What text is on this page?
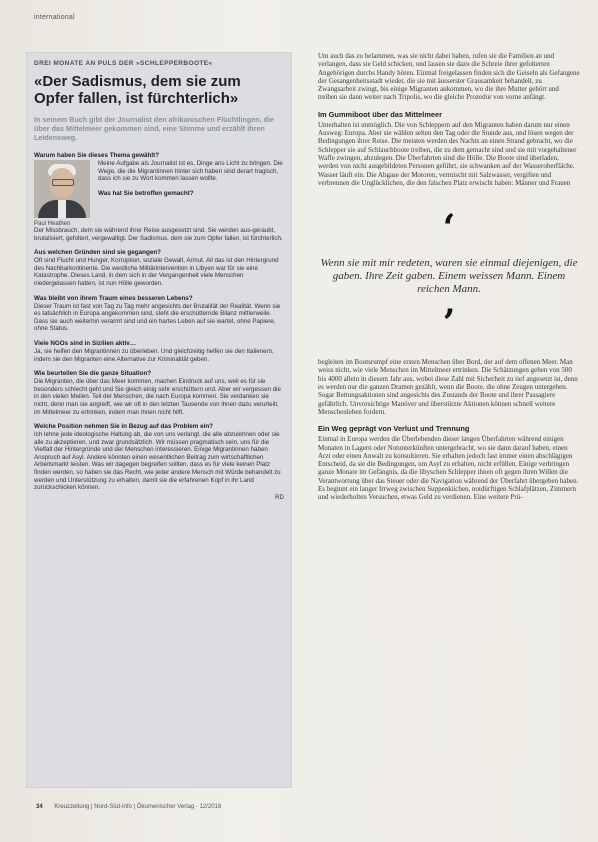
international
DREI MONATE AN PULS DER »SCHLEPPERBOOTE«
«Der Sadismus, dem sie zum Opfer fallen, ist fürchterlich»
In seinem Buch gibt der Journalist den afrikanischen Flüchtlingen, die über das Mittelmeer gekommen sind, eine Stimme und erzählt ihren Leidensweg.
Warum haben Sie dieses Thema gewählt?
Paul Heathen
Meine Aufgabe als Journalist ist es, Dinge ans Licht zu bringen. Die Wege, die die Migrantinnen hinter sich haben sind derart tragisch, dass ich sie zu Wort kommen lassen wollte.
Was hat Sie betroffen gemacht?
Der Missbrauch, dem sie während ihrer Reise ausgesetzt sind. Sie werden aus-geraubt, brutalisiert, gefoltert, vergewaltigt. Der Sadismus, dem sie zum Opfer fallen, ist fürchterlich.
Aus welchen Gründen sind sie gegangen?
Oft sind Flucht und Hunger, Korruption, soziale Gewalt, Armut. All das ist den Hintergrund des Nachbarkontinente. Die westliche Militärintervention in Libyen war für sie eine Katastrophe. Dieses Land, in dem sich in der Vergangenheit viele Menschen niedergelassen hatten, ist nun Hölle geworden.
Was bleibt von ihrem Traum eines besseren Lebens?
Dieser Traum ist fast von Tag zu Tag mehr angesichts der Brutalität der Realität. Wenn sie es tatsächlich in Europa angekommen sind, steht die erschütternde Bilanz mittlerweile. Dass sie auch weiterhin verarmt sind und ein hartes Leben auf sie wartet, ohne Papiere, ohne Status.
Viele NGOs sind in Sizilien aktiv…
Ja, sie helfen den Migrantinnen zu überleben. Und gleichzeitig helfen sie den Italienern, indem sie den Migranten eine Alternative zur Kriminalität geben.
Wie beurteilen Sie die ganze Situation?
Die Migranten, die über das Meer kommen, machen Eindruck auf uns, weil es für sie besonders schlecht geht und Sie gleich einig sehr erschüttern und. Aber wir vergessen die in den vielen Meilen. Teil der Menschen, die nach Europa kommen. Sie verdanken sie nicht, denn man sie angreift, wie wir oft in den letzten Tausende von ihnen dazu verurteilt, im Mittelmeer zu ertrinken, indem man ihnen nicht hilft.
Welche Position nehmen Sie in Bezug auf das Problem ein?
Ich lehne jede ideologische Haltung ab, die von uns verlangt, die alle abzulehnen oder sie alle zu akzeptieren, und zwar grundsätzlich. Wir müssen pragmatisch sein, uns für die Vielfalt der Hintergründe und der Menschen interessieren. Einige Migrantinnen haben Anspruch auf Asyl. Andere könnten einen wesentlichen Beitrag zum wirtschaftlichen Arbeitsmarkt leisten. Was wir dagegen begreifen sollten, dass es für viele keinen Platz finden werden, so haben sie das Recht, wie jeder andere Mensch mit Würde behandelt zu werden und Unterstützung zu erhalten, damit sie die erfahrenen Kopf in ihr Land zurückschicken können.
RD
Um auch das zu belammen, was sie nicht dabei haben, rufen sie die Familien an und verlangen, dass sie Geld schicken, und lassen sie dazu die Schreie ihrer gefolterten Angehörigen durchs Handy hören. Einmal freigelassen finden sich die Geiseln als Gefangene der Gesangenheitsstadt wieder, die sie mit äusserster Grausamkeit behandelt, zu Zwangsarbeit zwingt, bis einige Migranten ankommen, wo die ihre Mutter gehört und treiben sie dann weiter nach Tripolis, wo die gleiche Prozedur von vorne anfängt.
Im Gummiboot über das Mittelmeer
Unterhalten ist unmöglich. Die von Schleppern auf den Migranten haben darum nur einen Ausweg: Europa. Aber sie wählen selten den Tag oder die Stunde aus, und lösen wegen der Bedingungen ihrer Reise. Die meisten werden des Nachts an einen Strand gebracht, wo die Schlepper sie auf Schlauchboote treiben, die zu dem gemacht sind und sie mit vorgehaltener Waffe zwingen, abzulegen. Die Überfahrten sind die Hölle. Die Boote sind überladen, werden von nicht ausgebildeten Personen geführt, sie schwanken auf der Wasseroberfläche. Wasser läuft ein. Die Abgase der Motoren, vermischt mit Salzwasser, vergiften und verbrennen die Unglücklichen, die den falschen Platz erwischt haben: Männer und Frauen
‘
Wenn sie mit mir redeten, waren sie einmal diejenigen, die gaben. Ihre Zeit gaben. Einem weissen Mann. Einem reichen Mann.
’
begleiten im Bootsrumpf eine ersten Menschen über Bord, der auf dem offenen Meer. Man weiss nicht, wie viele Menschen im Mittelmeer ertrinken. Die Schätzungen gehen von 500 bis 4000 allein in diesem Jahr aus, wobei diese Zahl mit Sicherheit zu tief angesetzt ist, denn es werden nur die ganzen Dramen gezählt, wenn die Boote, die ohne Zeugen untergehen. Sogar Rettungsaktionen sind angesichts des Zustands der Boote und ihrer Passagiere gefährlich. Unvorsichtige Manöver und überstürzte Aktionen können schnell weitere Menschenleben fordern.
Ein Weg geprägt von Verlust und Trennung
Einmal in Europa werden die Überlebenden dieser langen Überfahrten während einigen Monaten in Lagern oder Notunterkünften untergebracht, wo sie dann darauf haben, einen Arzt oder einen Anwalt zu konsultieren. Sie erhalten jedoch fast immer einen abschlägigen Entscheid, da sie die Bedingungen, um Asyl zu erhalten, nicht erfüllen. Einige verbringen ganze Monate im Gefängnis, da die libyschen Schlepper ihnen oft gegen ihren Willen die Verantwortung über das Steuer oder die Navigation während der Überfahrt übergeben haben. Es beginnt ein langer Irrweg zwischen Suppenküchen, notdürftigen Schlafplätzen, Zimmern und wiederholten Versuchen, etwas Geld zu verdienen. Eine weitere Prü-
34 Kreuzzeitung | Nord-Süd-Info | Ökumenischer Verlag · 12/2018
